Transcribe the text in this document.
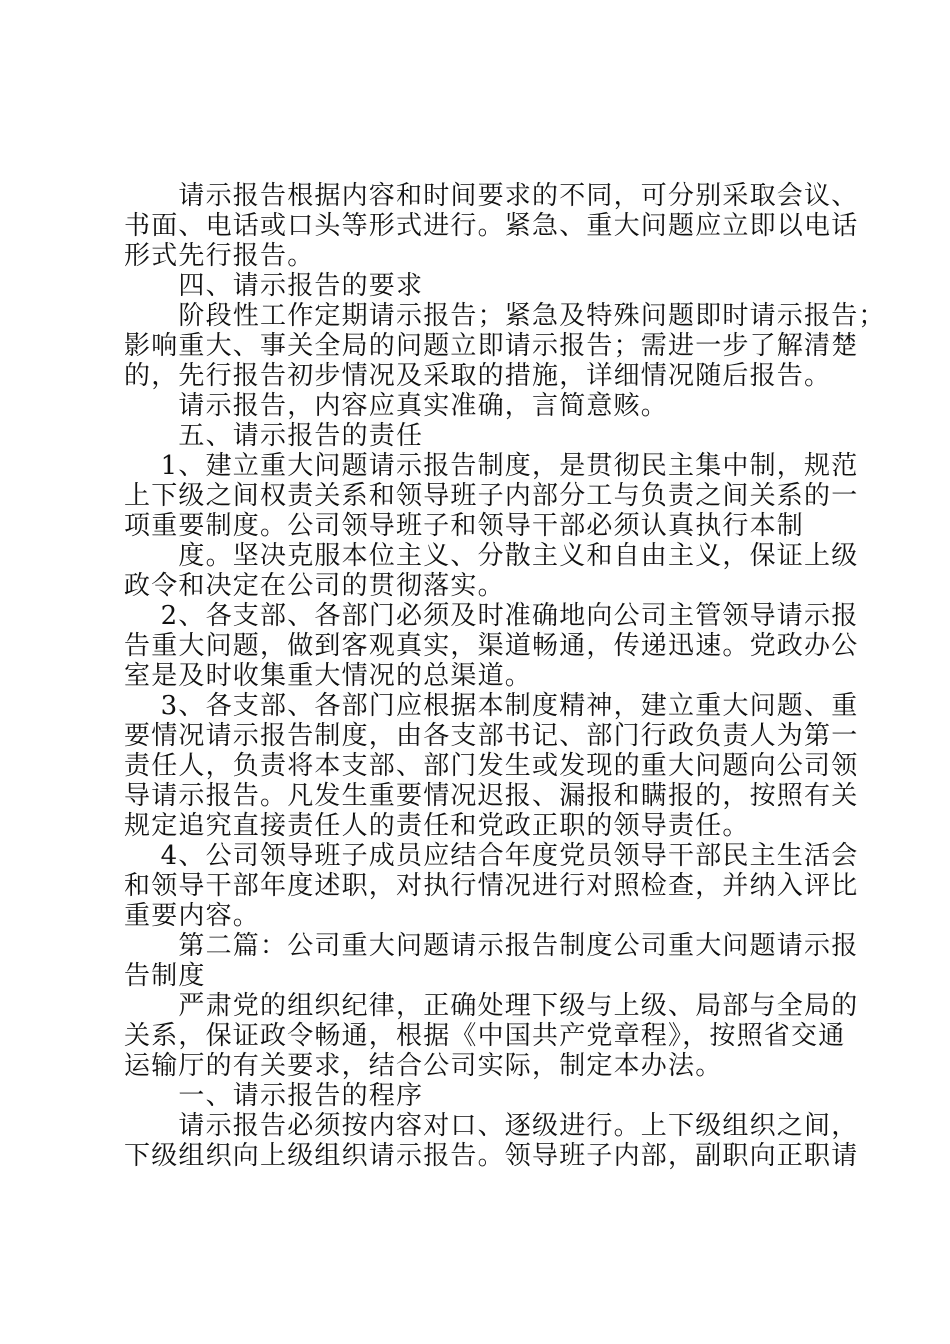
　　请示报告根据内容和时间要求的不同，可分别采取会议、
书面、电话或口头等形式进行。紧急、重大问题应立即以电话
形式先行报告。
　　四、请示报告的要求
　　阶段性工作定期请示报告；紧急及特殊问题即时请示报告；
影响重大、事关全局的问题立即请示报告；需进一步了解清楚
的，先行报告初步情况及采取的措施，详细情况随后报告。
　　请示报告，内容应真实准确，言简意赅。
　　五、请示报告的责任
　 1、建立重大问题请示报告制度，是贯彻民主集中制，规范
上下级之间权责关系和领导班子内部分工与负责之间关系的一
项重要制度。公司领导班子和领导干部必须认真执行本制
　　度。坚决克服本位主义、分散主义和自由主义，保证上级
政令和决定在公司的贯彻落实。
　 2、各支部、各部门必须及时准确地向公司主管领导请示报
告重大问题，做到客观真实，渠道畅通，传递迅速。党政办公
室是及时收集重大情况的总渠道。
　 3、各支部、各部门应根据本制度精神，建立重大问题、重
要情况请示报告制度，由各支部书记、部门行政负责人为第一
责任人，负责将本支部、部门发生或发现的重大问题向公司领
导请示报告。凡发生重要情况迟报、漏报和瞒报的，按照有关
规定追究直接责任人的责任和党政正职的领导责任。
　 4、公司领导班子成员应结合年度党员领导干部民主生活会
和领导干部年度述职，对执行情况进行对照检查，并纳入评比
重要内容。
　　第二篇：公司重大问题请示报告制度公司重大问题请示报
告制度
　　严肃党的组织纪律，正确处理下级与上级、局部与全局的
关系，保证政令畅通，根据《中国共产党章程》，按照省交通
运输厅的有关要求，结合公司实际，制定本办法。
　　一、请示报告的程序
　　请示报告必须按内容对口、逐级进行。上下级组织之间，
下级组织向上级组织请示报告。领导班子内部，副职向正职请
